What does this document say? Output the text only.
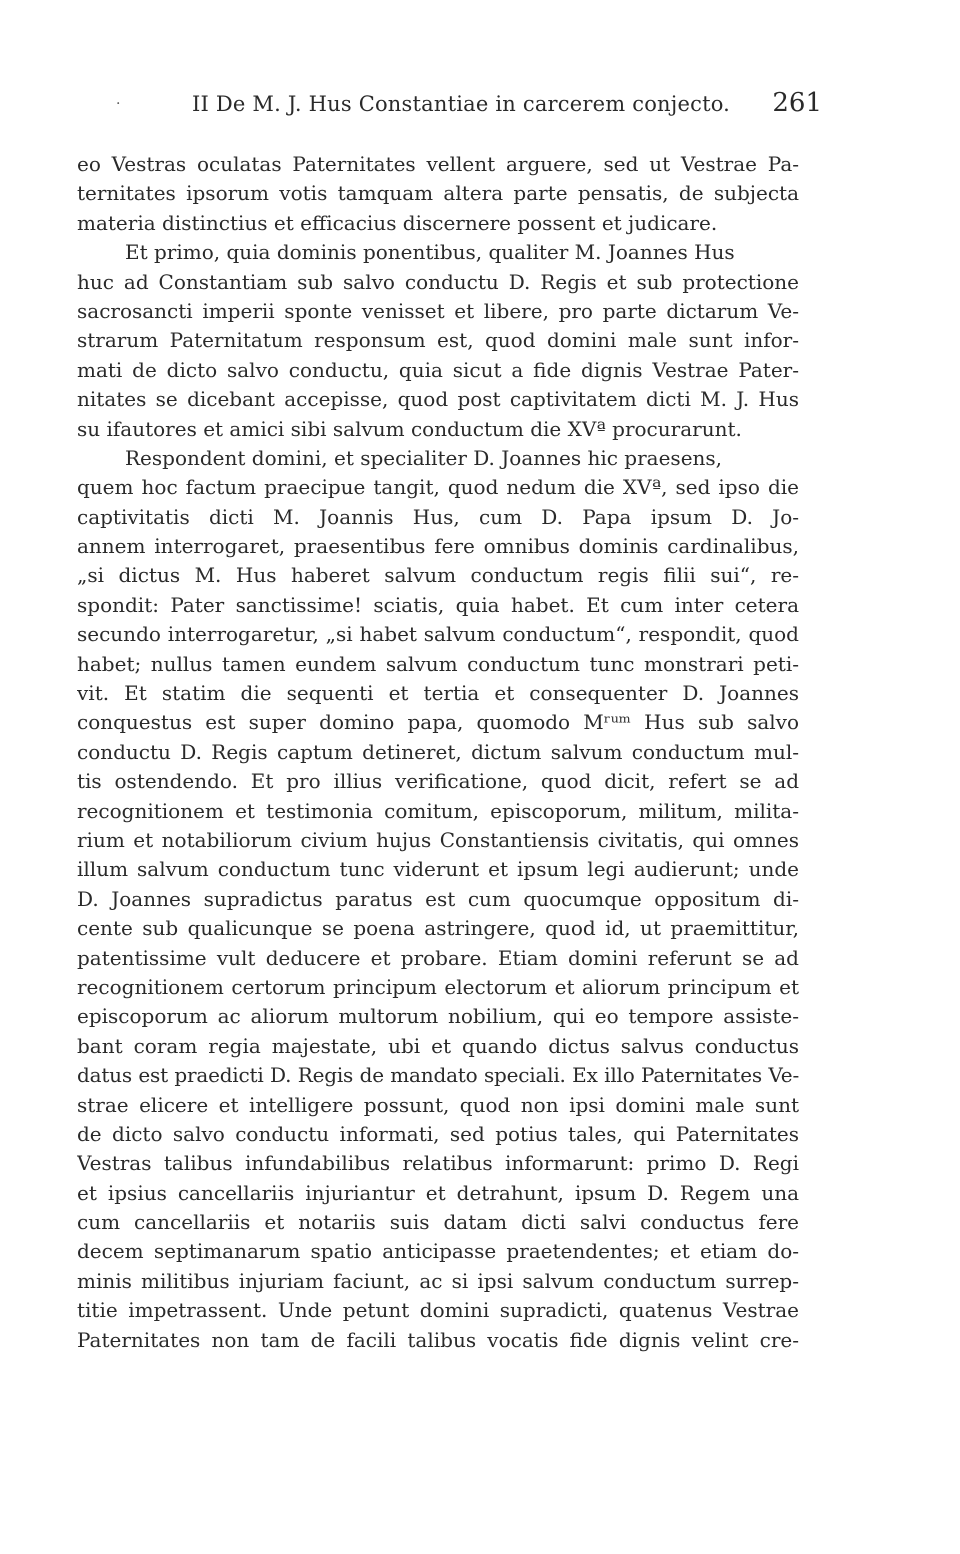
·	II De M. J. Hus Constantiae in carcerem conjecto. 261
eo Vestras oculatas Paternitates vellent arguere, sed ut Vestrae Pa-
ternitates ipsorum votis tamquam altera parte pensatis, de subjecta
materia distinctius et efficacius discernere possent et judicare.
Et primo, quia dominis ponentibus, qualiter M. Joannes Hus
huc ad Constantiam sub salvo conductu D. Regis et sub protectione
sacrosancti imperii sponte venisset et libere, pro parte dictarum Ve-
strarum Paternitatum responsum est, quod domini male sunt infor-
mati de dicto salvo conductu, quia sicut a fide dignis Vestrae Pater-
nitates se dicebant accepisse, quod post captivitatem dicti M. J. Hus
su ifautores et amici sibi salvum conductum die XVª procurarunt.
Respondent domini, et specialiter D. Joannes hic praesens,
quem hoc factum praecipue tangit, quod nedum die XVª, sed ipso die
captivitatis dicti M. Joannis Hus, cum D. Papa ipsum D. Jo-
annem interrogaret, praesentibus fere omnibus dominis cardinalibus,
„si dictus M. Hus haberet salvum conductum regis filii sui“, re-
spondit: Pater sanctissime! sciatis, quia habet. Et cum inter cetera
secundo interrogaretur, „si habet salvum conductum“, respondit, quod
habet; nullus tamen eundem salvum conductum tunc monstrari peti-
vit. Et statim die sequenti et tertia et consequenter D. Joannes
conquestus est super domino papa, quomodo Mʳᵘᵐ Hus sub salvo
conductu D. Regis captum detineret, dictum salvum conductum mul-
tis ostendendo. Et pro illius verificatione, quod dicit, refert se ad
recognitionem et testimonia comitum, episcoporum, militum, milita-
rium et notabiliorum civium hujus Constantiensis civitatis, qui omnes
illum salvum conductum tunc viderunt et ipsum legi audierunt; unde
D. Joannes supradictus paratus est cum quocumque oppositum di-
cente sub qualicunque se poena astringere, quod id, ut praemittitur,
patentissime vult deducere et probare. Etiam domini referunt se ad
recognitionem certorum principum electorum et aliorum principum et
episcoporum ac aliorum multorum nobilium, qui eo tempore assiste-
bant coram regia majestate, ubi et quando dictus salvus conductus
datus est praedicti D. Regis de mandato speciali. Ex illo Paternitates Ve-
strae elicere et intelligere possunt, quod non ipsi domini male sunt
de dicto salvo conductu informati, sed potius tales, qui Paternitates
Vestras talibus infundabilibus relatibus informarunt: primo D. Regi
et ipsius cancellariis injuriantur et detrahunt, ipsum D. Regem una
cum cancellariis et notariis suis datam dicti salvi conductus fere
decem septimanarum spatio anticipasse praetendentes; et etiam do-
minis militibus injuriam faciunt, ac si ipsi salvum conductum surrep-
titie impetrassent. Unde petunt domini supradicti, quatenus Vestrae
Paternitates non tam de facili talibus vocatis fide dignis velint cre-
